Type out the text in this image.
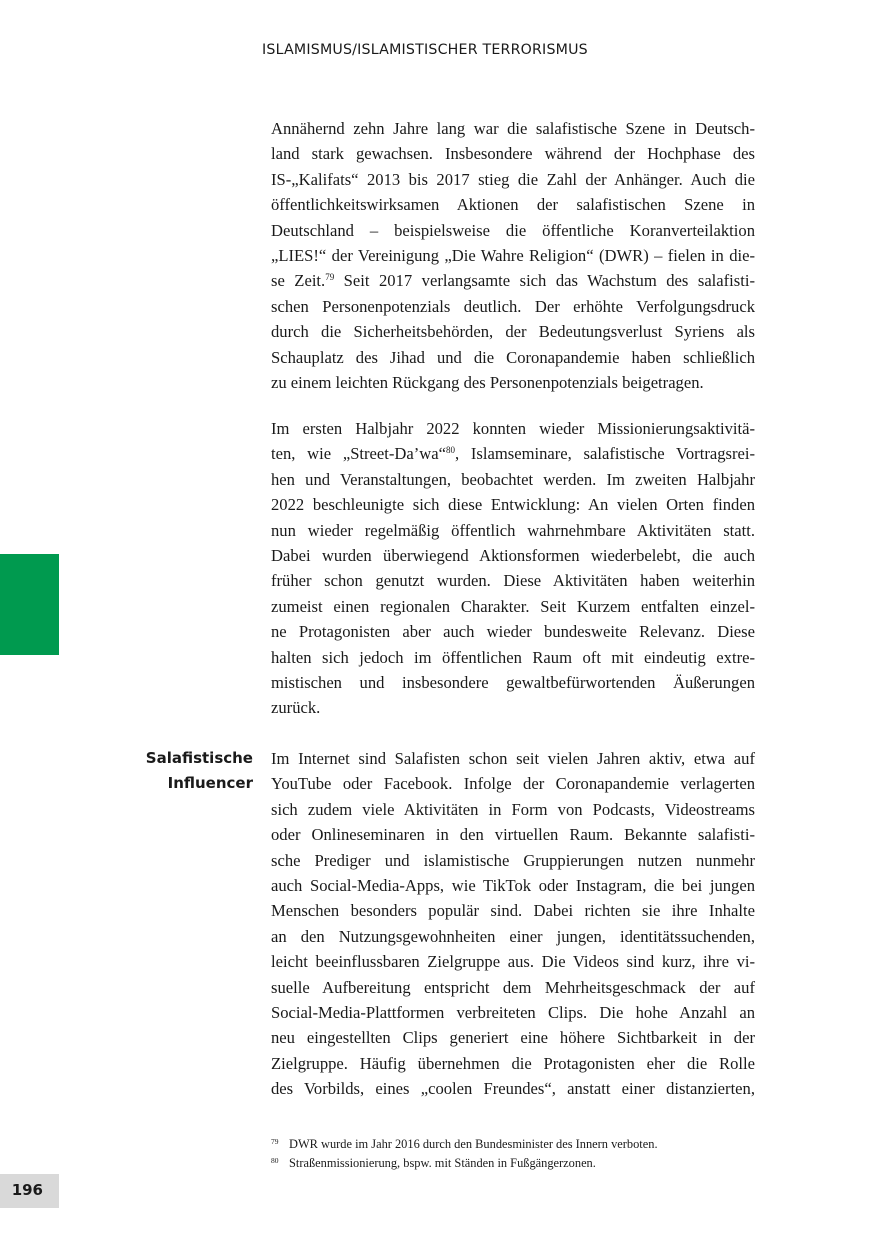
ISLAMISMUS/ISLAMISTISCHER TERRORISMUS
Annähernd zehn Jahre lang war die salafistische Szene in Deutsch-
land stark gewachsen. Insbesondere während der Hochphase des
IS-„Kalifats“ 2013 bis 2017 stieg die Zahl der Anhänger. Auch die
öffentlichkeitswirksamen Aktionen der salafistischen Szene in
Deutschland – beispielsweise die öffentliche Koranverteilaktion
„LIES!“ der Vereinigung „Die Wahre Religion“ (DWR) – fielen in die-
se Zeit.$^{79}$ Seit 2017 verlangsamte sich das Wachstum des salafisti-
schen Personenpotenzials deutlich. Der erhöhte Verfolgungsdruck
durch die Sicherheitsbehörden, der Bedeutungsverlust Syriens als
Schauplatz des Jihad und die Coronapandemie haben schließlich
zu einem leichten Rückgang des Personenpotenzials beigetragen.
Im ersten Halbjahr 2022 konnten wieder Missionierungsaktivitä-
ten, wie „Street-Da’wa“$^{80}$, Islamseminare, salafistische Vortragsrei-
hen und Veranstaltungen, beobachtet werden. Im zweiten Halbjahr
2022 beschleunigte sich diese Entwicklung: An vielen Orten finden
nun wieder regelmäßig öffentlich wahrnehmbare Aktivitäten statt.
Dabei wurden überwiegend Aktionsformen wiederbelebt, die auch
früher schon genutzt wurden. Diese Aktivitäten haben weiterhin
zumeist einen regionalen Charakter. Seit Kurzem entfalten einzel-
ne Protagonisten aber auch wieder bundesweite Relevanz. Diese
halten sich jedoch im öffentlichen Raum oft mit eindeutig extre-
mistischen und insbesondere gewaltbefürwortenden Äußerungen
zurück.
Salafistische
Influencer
Im Internet sind Salafisten schon seit vielen Jahren aktiv, etwa auf
YouTube oder Facebook. Infolge der Coronapandemie verlagerten
sich zudem viele Aktivitäten in Form von Podcasts, Videostreams
oder Onlineseminaren in den virtuellen Raum. Bekannte salafisti-
sche Prediger und islamistische Gruppierungen nutzen nunmehr
auch Social-Media-Apps, wie TikTok oder Instagram, die bei jungen
Menschen besonders populär sind. Dabei richten sie ihre Inhalte
an den Nutzungsgewohnheiten einer jungen, identitätssuchenden,
leicht beeinflussbaren Zielgruppe aus. Die Videos sind kurz, ihre vi-
suelle Aufbereitung entspricht dem Mehrheitsgeschmack der auf
Social-Media-Plattformen verbreiteten Clips. Die hohe Anzahl an
neu eingestellten Clips generiert eine höhere Sichtbarkeit in der
Zielgruppe. Häufig übernehmen die Protagonisten eher die Rolle
des Vorbilds, eines „coolen Freundes“, anstatt einer distanzierten,
79 DWR wurde im Jahr 2016 durch den Bundesminister des Innern verboten.
80 Straßenmissionierung, bspw. mit Ständen in Fußgängerzonen.
196
